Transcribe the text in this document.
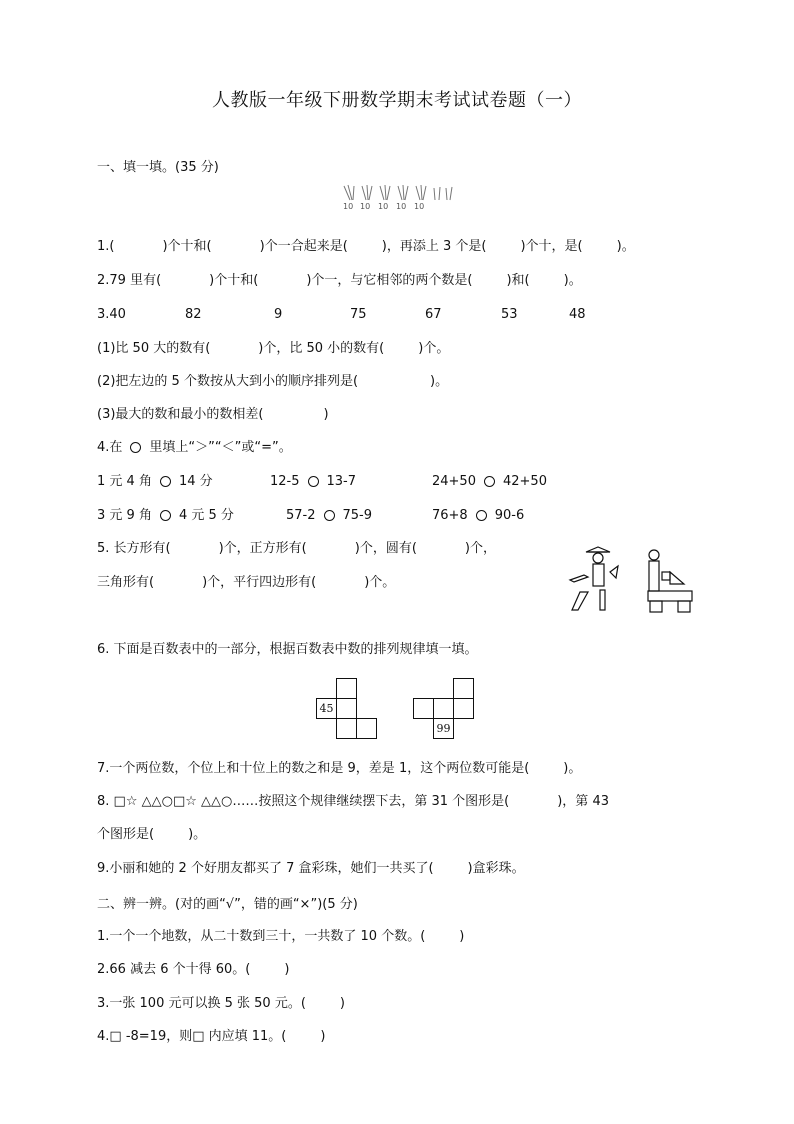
人教版一年级下册数学期末考试试卷题（一）
一、填一填。(35 分)
10 10 10 10 10
1.(	)个十和(	)个一合起来是(	)，再添上 3 个是(	)个十，是(	)。
2.79 里有(	)个十和(	)个一，与它相邻的两个数是(	)和(	)。
3.40	82	9	75	67	53	48
(1)比 50 大的数有(	)个，比 50 小的数有(	)个。
(2)把左边的 5 个数按从大到小的顺序排列是(	)。
(3)最大的数和最小的数相差(	)
4.在 里填上“＞”“＜”或“=”。
1 元 4 角 14 分	12-5 13-7	24+50 42+50
3 元 9 角 4 元 5 分	57-2 75-9	76+8 90-6
5. 长方形有(	)个，正方形有(	)个，圆有(	)个，
三角形有(	)个，平行四边形有(	)个。
6. 下面是百数表中的一部分，根据百数表中数的排列规律填一填。
45
99
7.一个两位数，个位上和十位上的数之和是 9，差是 1，这个两位数可能是(	)。
8. □☆ △△○□☆ △△○……按照这个规律继续摆下去，第 31 个图形是(	)，第 43
个图形是(	)。
9.小丽和她的 2 个好朋友都买了 7 盒彩珠，她们一共买了(	)盒彩珠。
二、辨一辨。(对的画“√”，错的画“×”)(5 分)
1.一个一个地数，从二十数到三十，一共数了 10 个数。(	)
2.66 减去 6 个十得 60。(	)
3.一张 100 元可以换 5 张 50 元。(	)
4.□ -8=19，则□ 内应填 11。(	)
